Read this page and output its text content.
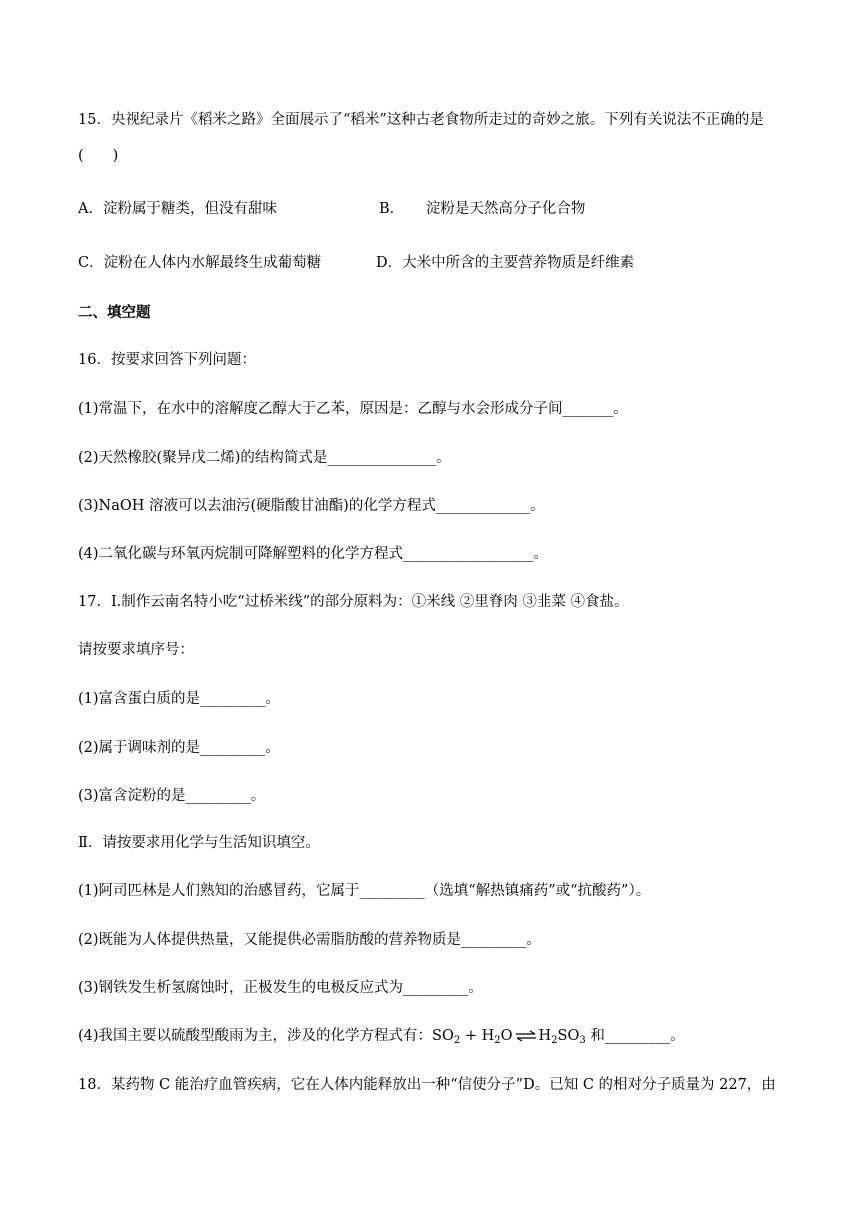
15．央视纪录片《稻米之路》全面展示了“稻米”这种古老食物所走过的奇妙之旅。下列有关说法不正确的是
(　　)
A．淀粉属于糖类，但没有甜味	B．　　淀粉是天然高分子化合物
C．淀粉在人体内水解最终生成葡萄糖	D．大米中所含的主要营养物质是纤维素
二、填空题
16．按要求回答下列问题：
(1)常温下，在水中的溶解度乙醇大于乙苯，原因是：乙醇与水会形成分子间_______。
(2)天然橡胶(聚异戊二烯)的结构简式是_______________。
(3)NaOH 溶液可以去油污(硬脂酸甘油酯)的化学方程式_____________。
(4)二氧化碳与环氧丙烷制可降解塑料的化学方程式__________________。
17．Ⅰ.制作云南名特小吃“过桥米线”的部分原料为：①米线 ②里脊肉 ③韭菜 ④食盐。
请按要求填序号：
(1)富含蛋白质的是_________。
(2)属于调味剂的是_________。
(3)富含淀粉的是_________。
Ⅱ．请按要求用化学与生活知识填空。
(1)阿司匹林是人们熟知的治感冒药，它属于_________（选填“解热镇痛药”或“抗酸药”）。
(2)既能为人体提供热量，又能提供必需脂肪酸的营养物质是_________。
(3)钢铁发生析氢腐蚀时，正极发生的电极反应式为_________。
(4)我国主要以硫酸型酸雨为主，涉及的化学方程式有：$SO_2 + H_2O$ ⇌ $H_2SO_3$ 和_________。
18．某药物 C 能治疗血管疾病，它在人体内能释放出一种“信使分子”D。已知 C 的相对分子质量为 227，由
